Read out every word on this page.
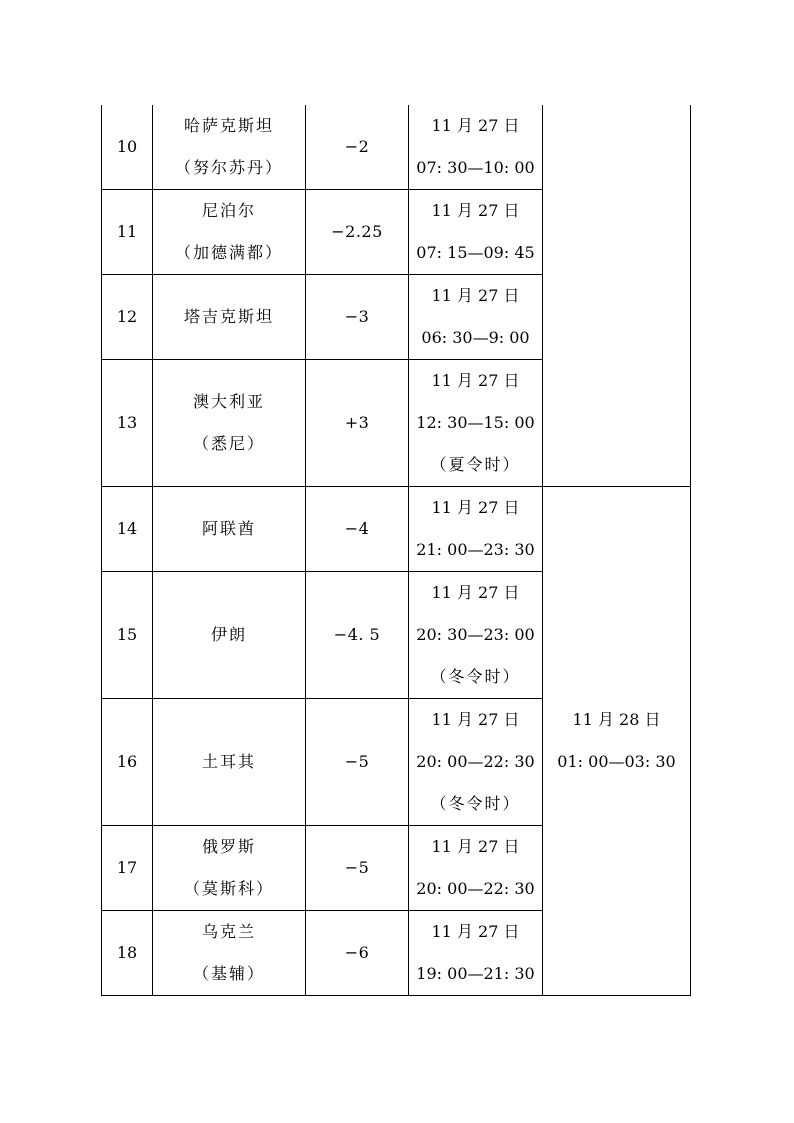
10	哈萨克斯坦
（努尔苏丹）	−2	11 月 27 日
07: 30—10: 00	

11	尼泊尔
（加德满都）	−2.25	11 月 27 日
07: 15—09: 45	

12	塔吉克斯坦	−3	11 月 27 日
06: 30—9: 00	

13	澳大利亚
（悉尼）	+3	11 月 27 日
12: 30—15: 00
（夏令时）	

14	阿联酋	−4	11 月 27 日
21: 00—23: 30	11 月 28 日
01: 00—03: 30

15	伊朗	−4. 5	11 月 27 日
20: 30—23: 00
（冬令时）	

16	土耳其	−5	11 月 27 日
20: 00—22: 30
（冬令时）	

17	俄罗斯
（莫斯科）	−5	11 月 27 日
20: 00—22: 30	

18	乌克兰
（基辅）	−6	11 月 27 日
19: 00—21: 30	
